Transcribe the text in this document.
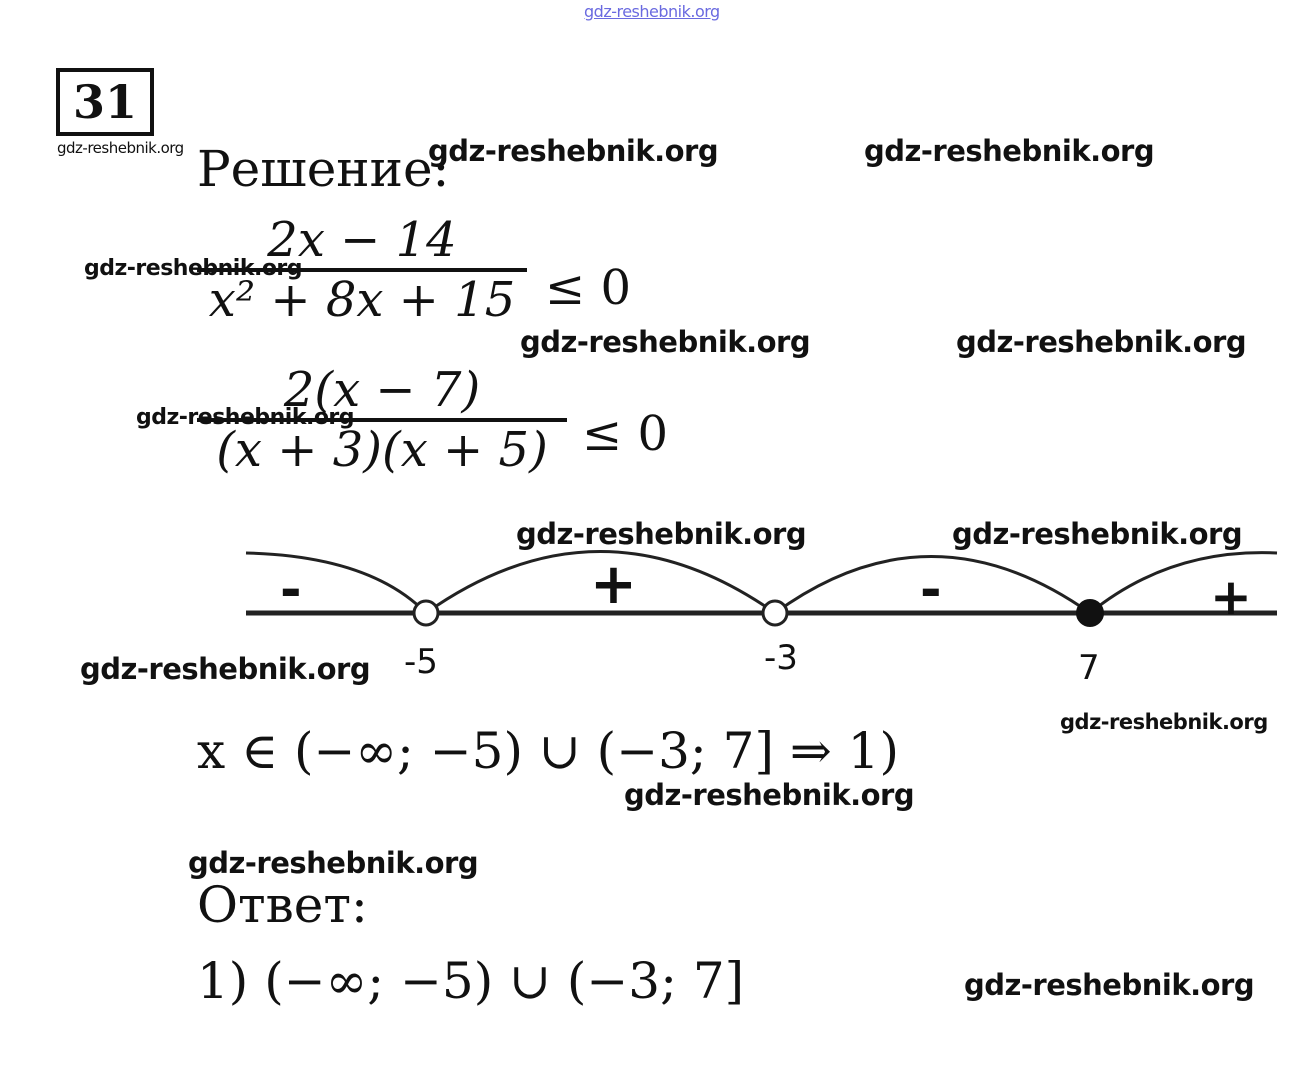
gdz-reshebnik.org
31
gdz-reshebnik.org Решение:
gdz-reshebnik.org	gdz-reshebnik.org
2x − 14
x² + 8x + 15 ≤ 0
gdz-reshebnik.org
gdz-reshebnik.org	gdz-reshebnik.org
2(x − 7)
(x + 3)(x + 5) ≤ 0
gdz-reshebnik.org
-	+	-	+
-5	-3	7
gdz-reshebnik.org	gdz-reshebnik.org
gdz-reshebnik.org
gdz-reshebnik.org
x ∈ (−∞; −5) ∪ (−3; 7] ⇒ 1)
gdz-reshebnik.org
gdz-reshebnik.org
Ответ:
1) (−∞; −5) ∪ (−3; 7]	gdz-reshebnik.org
